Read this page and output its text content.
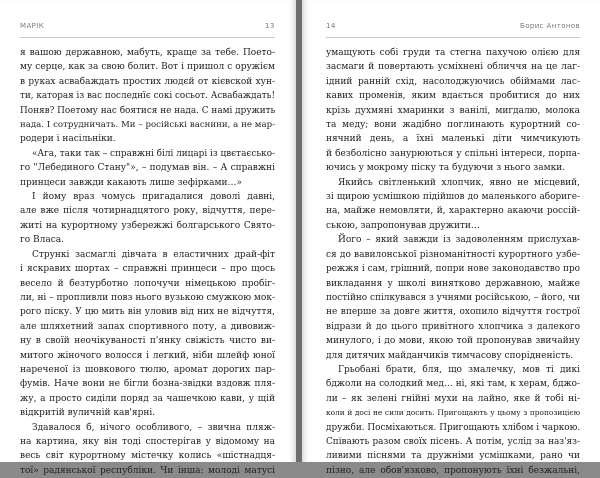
МАРІК	13
я вашою державною, мабуть, краще за тебе. Поето-
му серце, как за свою болит. Вот і пришол с оружієм
в руках асвабаждать простих людєй от кієвской хун-
ти, каторая із вас последнїє сокі сосьот. Асвабаждать!
Поняв? Поетому нас боятися не нада. С намі дружить
нада. І сотрудничать. Ми – російські васнини, а не мар-
родери і насільніки.
«Ага, таки так – справжні білі лицарі із цвєтаєсько-
го "Лебединого Стану"», – подумав він. – А справжні
принцеси завжди какають лише зефірками…»
І йому враз чомусь пригадалися доволі давні,
але вже після чотирнадцятого року, відчуття, пере-
житі на курортному узбережжі болгарського Свято-
го Власа.
Стрункі засмаглі дівчата в еластичних драй-фіт
і яскравих шортах – справжні принцеси – про щось
весело й безтурботно лопочучи німецькою пробіг-
ли, ні – пропливли повз нього вузькою смужкою мок-
рого піску. У цю мить він уловив від них не відчуття,
але шляхетний запах спортивного поту, а дивовиж-
ну в своїй неочікуваності п'янку свіжість чисто ви-
митого жіночого волосся і легкий, ніби шлейф юної
нареченої із шовкового тюлю, аромат дорогих пар-
фумів. Наче вони не бігли бозна-звідки вздовж пля-
жу, а просто сиділи поряд за чашечкою кави, у щій
відкритій вуличній кав'ярні.
Здавалося б, нічого особливого, – звична пляж-
на картина, яку він тоді спостерігав у відомому на
весь світ курортному містечку колись «шістнадця-
тої» радянської республіки. Чи інша: молоді матусі
14	Борис Антонов
умащують собі груди та стегна пахучою олією для
засмаги й повертають усміхнені обличчя на це лаг-
ідний ранній схід, насолоджуючись обіймами лас-
кавих променів, яким вдається пробитися до них
крізь духмяні хмаринки з ванілі, мигдалю, молока
та меду; вони жадібно поглинають курортний со-
нячний день, а їхні маленькі діти чимчикують
й безболісно занурюються у спільні інтереси, порпа-
ючись у мокрому піску та будуючи з нього замки.
Якийсь світленький хлопчик, явно не місцевий,
зі щирою усмішкою підійшов до маленького абориге-
на, майже немовляти, й, характерно акаючи россій-
ською, запропонував дружити…
Його – який завжди із задоволенням прислухав-
ся до вавилонської різноманітності курортного узбе-
режжя і сам, грішний, попри нове законодавство про
викладання у школі винятково державною, майже
постійно спілкувався з учнями російською, – його, чи
не вперше за довге життя, охопило відчуття гострої
відрази й до цього привітного хлопчика з далекого
минулого, і до мови, якою той пропонував звичайну
для дитячих майданчиків тимчасову спорідненість.
Грьобані брати, бля, що змалечку, мов ті дикі
бджоли на солодкий мед… ні, які там, к херам, бджо-
ли – як зелені гнійні мухи на лайно, яке й тобі ні-
коли й досі не сили досить. Пригощають у цьому з пропозицією
дружби. Посміхаються. Пригощають хлібом і чаркою.
Співають разом своїх пісень. А потім, услід за наз'яз-
ливими піснями та дружніми усмішками, рано чи
пізно, але обов'язково, пропонують їхні безжальні,
